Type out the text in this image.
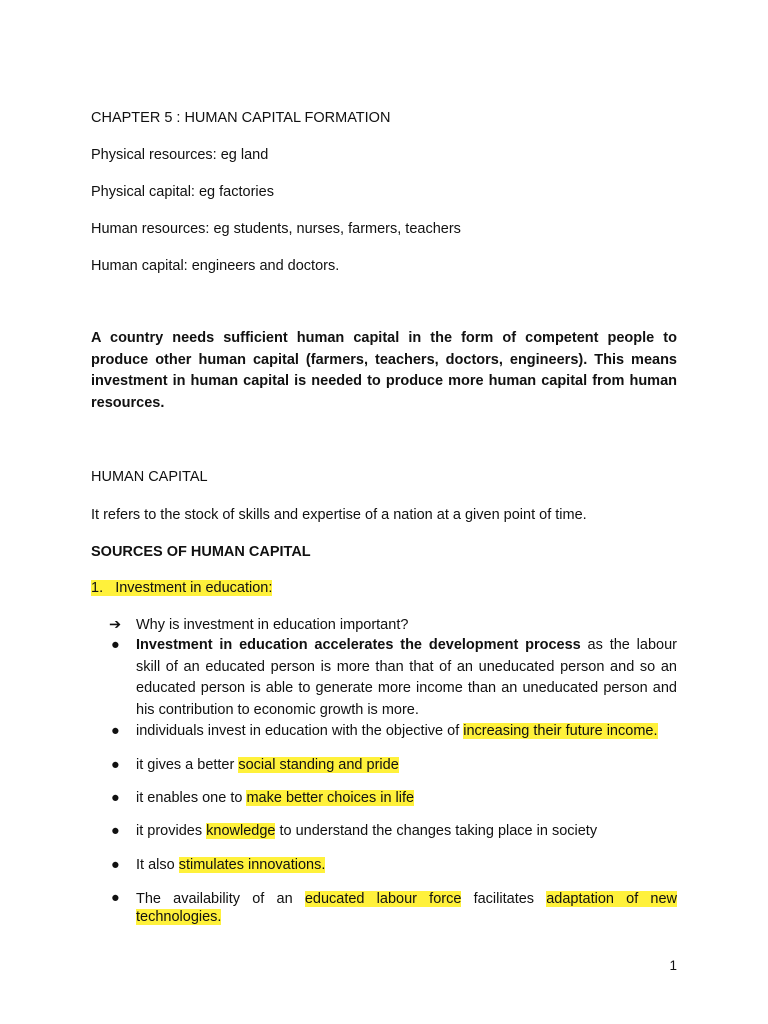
CHAPTER 5 : HUMAN CAPITAL FORMATION
Physical resources: eg land
Physical capital: eg factories
Human resources: eg students, nurses, farmers, teachers
Human capital: engineers and doctors.
A country needs sufficient human capital in the form of competent people to produce other human capital (farmers, teachers, doctors, engineers). This means investment in human capital is needed to produce more human capital from human resources.
HUMAN CAPITAL
It refers to the stock of skills and expertise of a nation at a given point of time.
SOURCES OF HUMAN CAPITAL
1. Investment in education:
➔ Why is investment in education important?
● Investment in education accelerates the development process as the labour skill of an educated person is more than that of an uneducated person and so an educated person is able to generate more income than an uneducated person and his contribution to economic growth is more.
● individuals invest in education with the objective of increasing their future income.
● it gives a better social standing and pride
● it enables one to make better choices in life
● it provides knowledge to understand the changes taking place in society
● It also stimulates innovations.
● The availability of an educated labour force facilitates adaptation of new technologies.
1
